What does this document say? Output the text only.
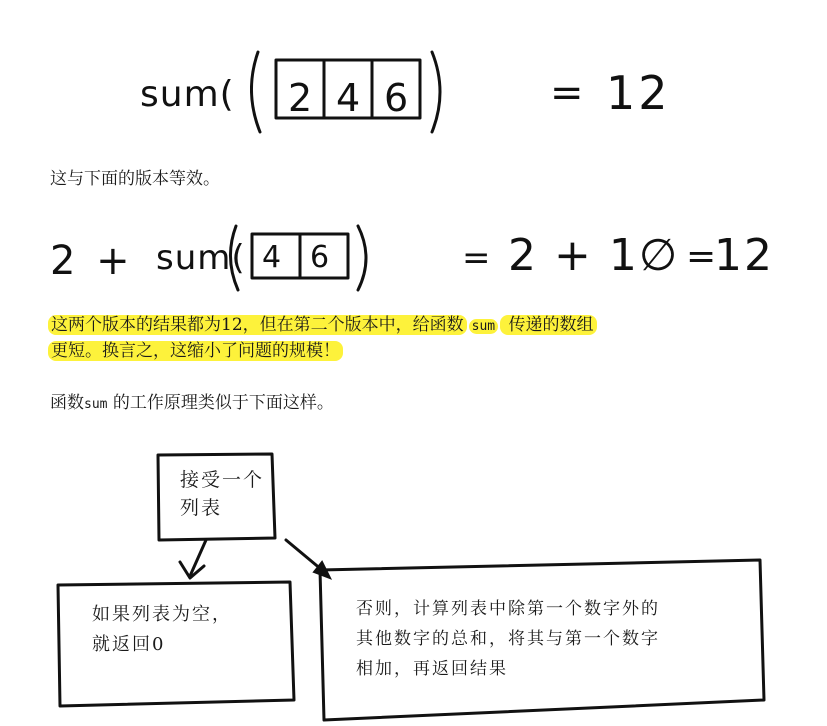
sum( 2 4 6	= 12
这与下面的版本等效。
2 + sum( 4 6	= 2 + 1∅ =
12
这两个版本的结果都为12，但在第二个版本中，给函数 sum 传递的数组
更短。换言之，这缩小了问题的规模！
函数sum 的工作原理类似于下面这样。
接受一个
列表
如果列表为空，
就返回0
否则，计算列表中除第一个数字外的
其他数字的总和，将其与第一个数字
相加，再返回结果
